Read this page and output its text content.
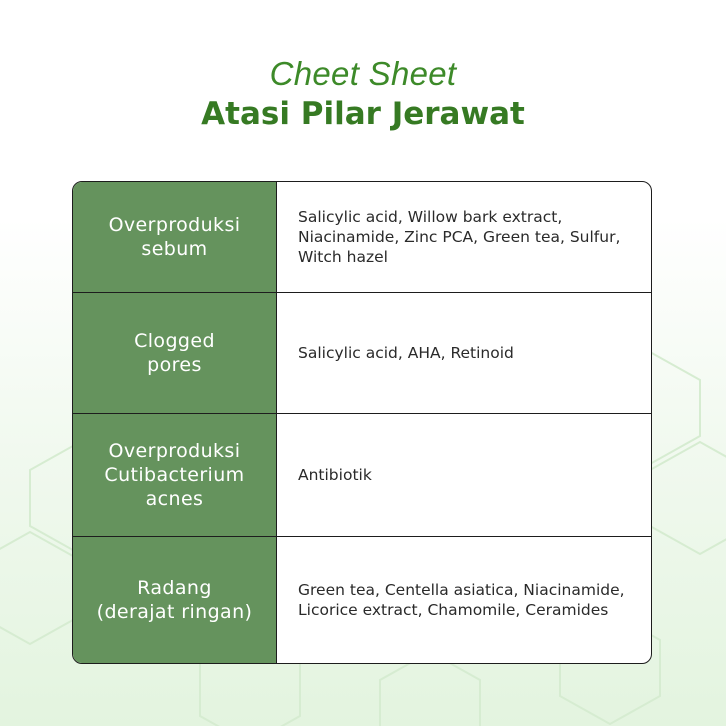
Cheet Sheet
Atasi Pilar Jerawat
Overproduksi
sebum
Salicylic acid, Willow bark extract, Niacinamide, Zinc PCA, Green tea, Sulfur, Witch hazel
Clogged
pores
Salicylic acid, AHA, Retinoid
Overproduksi
Cutibacterium
acnes
Antibiotik
Radang
(derajat ringan)
Green tea, Centella asiatica, Niacinamide, Licorice extract, Chamomile, Ceramides
